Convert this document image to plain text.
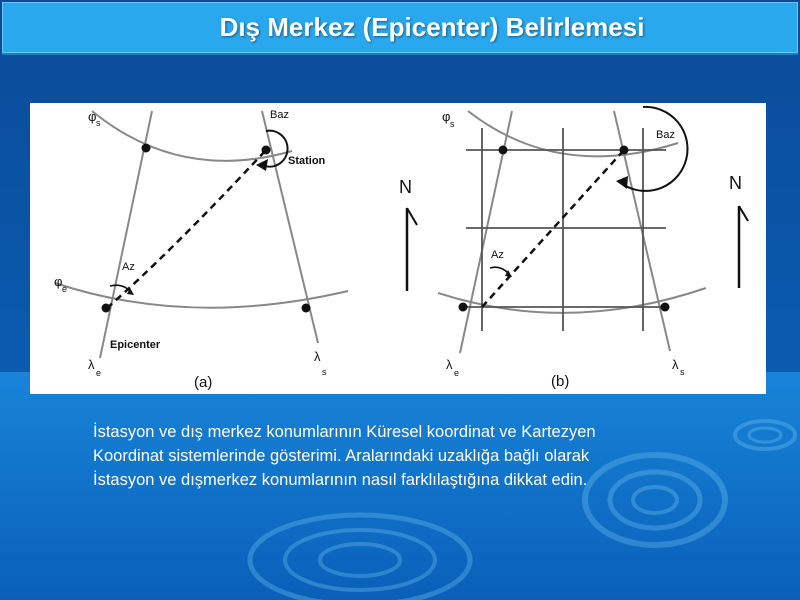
Dış Merkez (Epicenter) Belirlemesi
φ s
Baz
Station
Az
φ e
Epicenter
λ
e
λ
s
(a)
N
φ s
Baz
Az
λ
e
λ s
(b)
N
İstasyon ve dış merkez konumlarının Küresel koordinat ve Kartezyen
Koordinat sistemlerinde gösterimi. Aralarındaki uzaklığa bağlı olarak
İstasyon ve dışmerkez konumlarının nasıl farklılaştığına dikkat edin.
